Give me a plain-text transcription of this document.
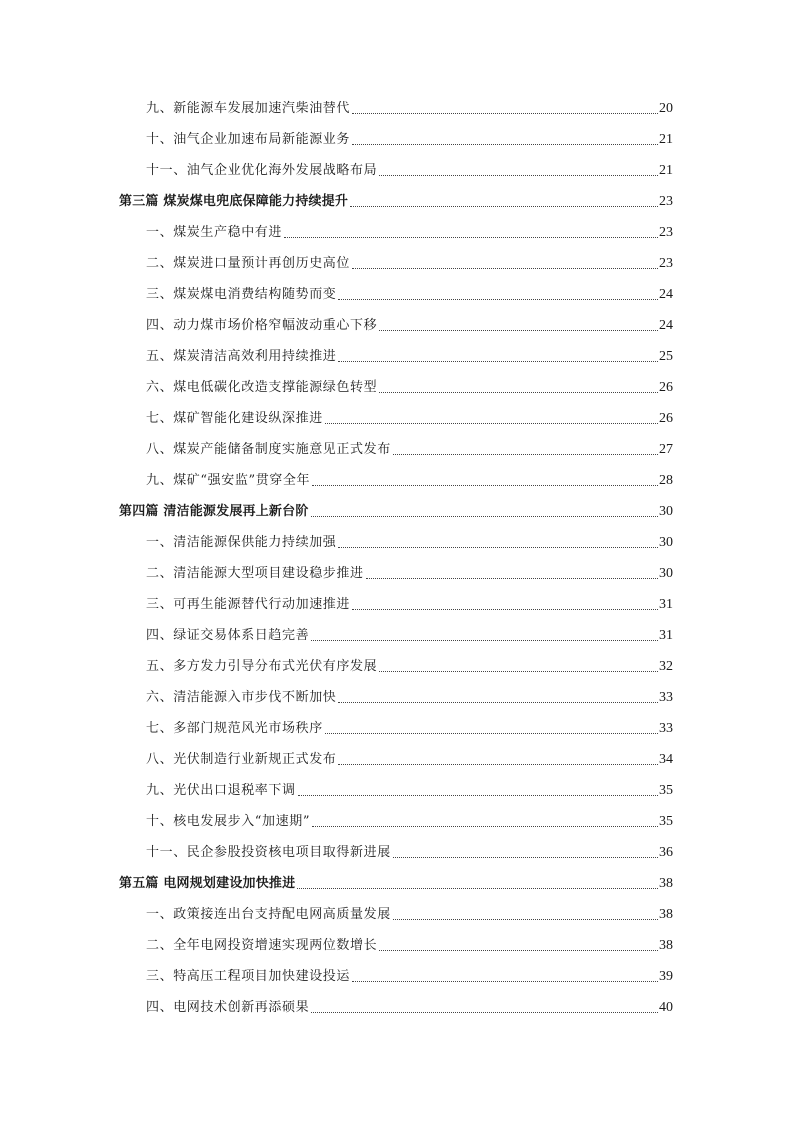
九、新能源车发展加速汽柴油替代	20
十、油气企业加速布局新能源业务	21
十一、油气企业优化海外发展战略布局	21
第三篇 煤炭煤电兜底保障能力持续提升	23
一、煤炭生产稳中有进	23
二、煤炭进口量预计再创历史高位	23
三、煤炭煤电消费结构随势而变	24
四、动力煤市场价格窄幅波动重心下移	24
五、煤炭清洁高效利用持续推进	25
六、煤电低碳化改造支撑能源绿色转型	26
七、煤矿智能化建设纵深推进	26
八、煤炭产能储备制度实施意见正式发布	27
九、煤矿“强安监”贯穿全年	28
第四篇 清洁能源发展再上新台阶	30
一、清洁能源保供能力持续加强	30
二、清洁能源大型项目建设稳步推进	30
三、可再生能源替代行动加速推进	31
四、绿证交易体系日趋完善	31
五、多方发力引导分布式光伏有序发展	32
六、清洁能源入市步伐不断加快	33
七、多部门规范风光市场秩序	33
八、光伏制造行业新规正式发布	34
九、光伏出口退税率下调	35
十、核电发展步入“加速期”	35
十一、民企参股投资核电项目取得新进展	36
第五篇 电网规划建设加快推进	38
一、政策接连出台支持配电网高质量发展	38
二、全年电网投资增速实现两位数增长	38
三、特高压工程项目加快建设投运	39
四、电网技术创新再添硕果	40
